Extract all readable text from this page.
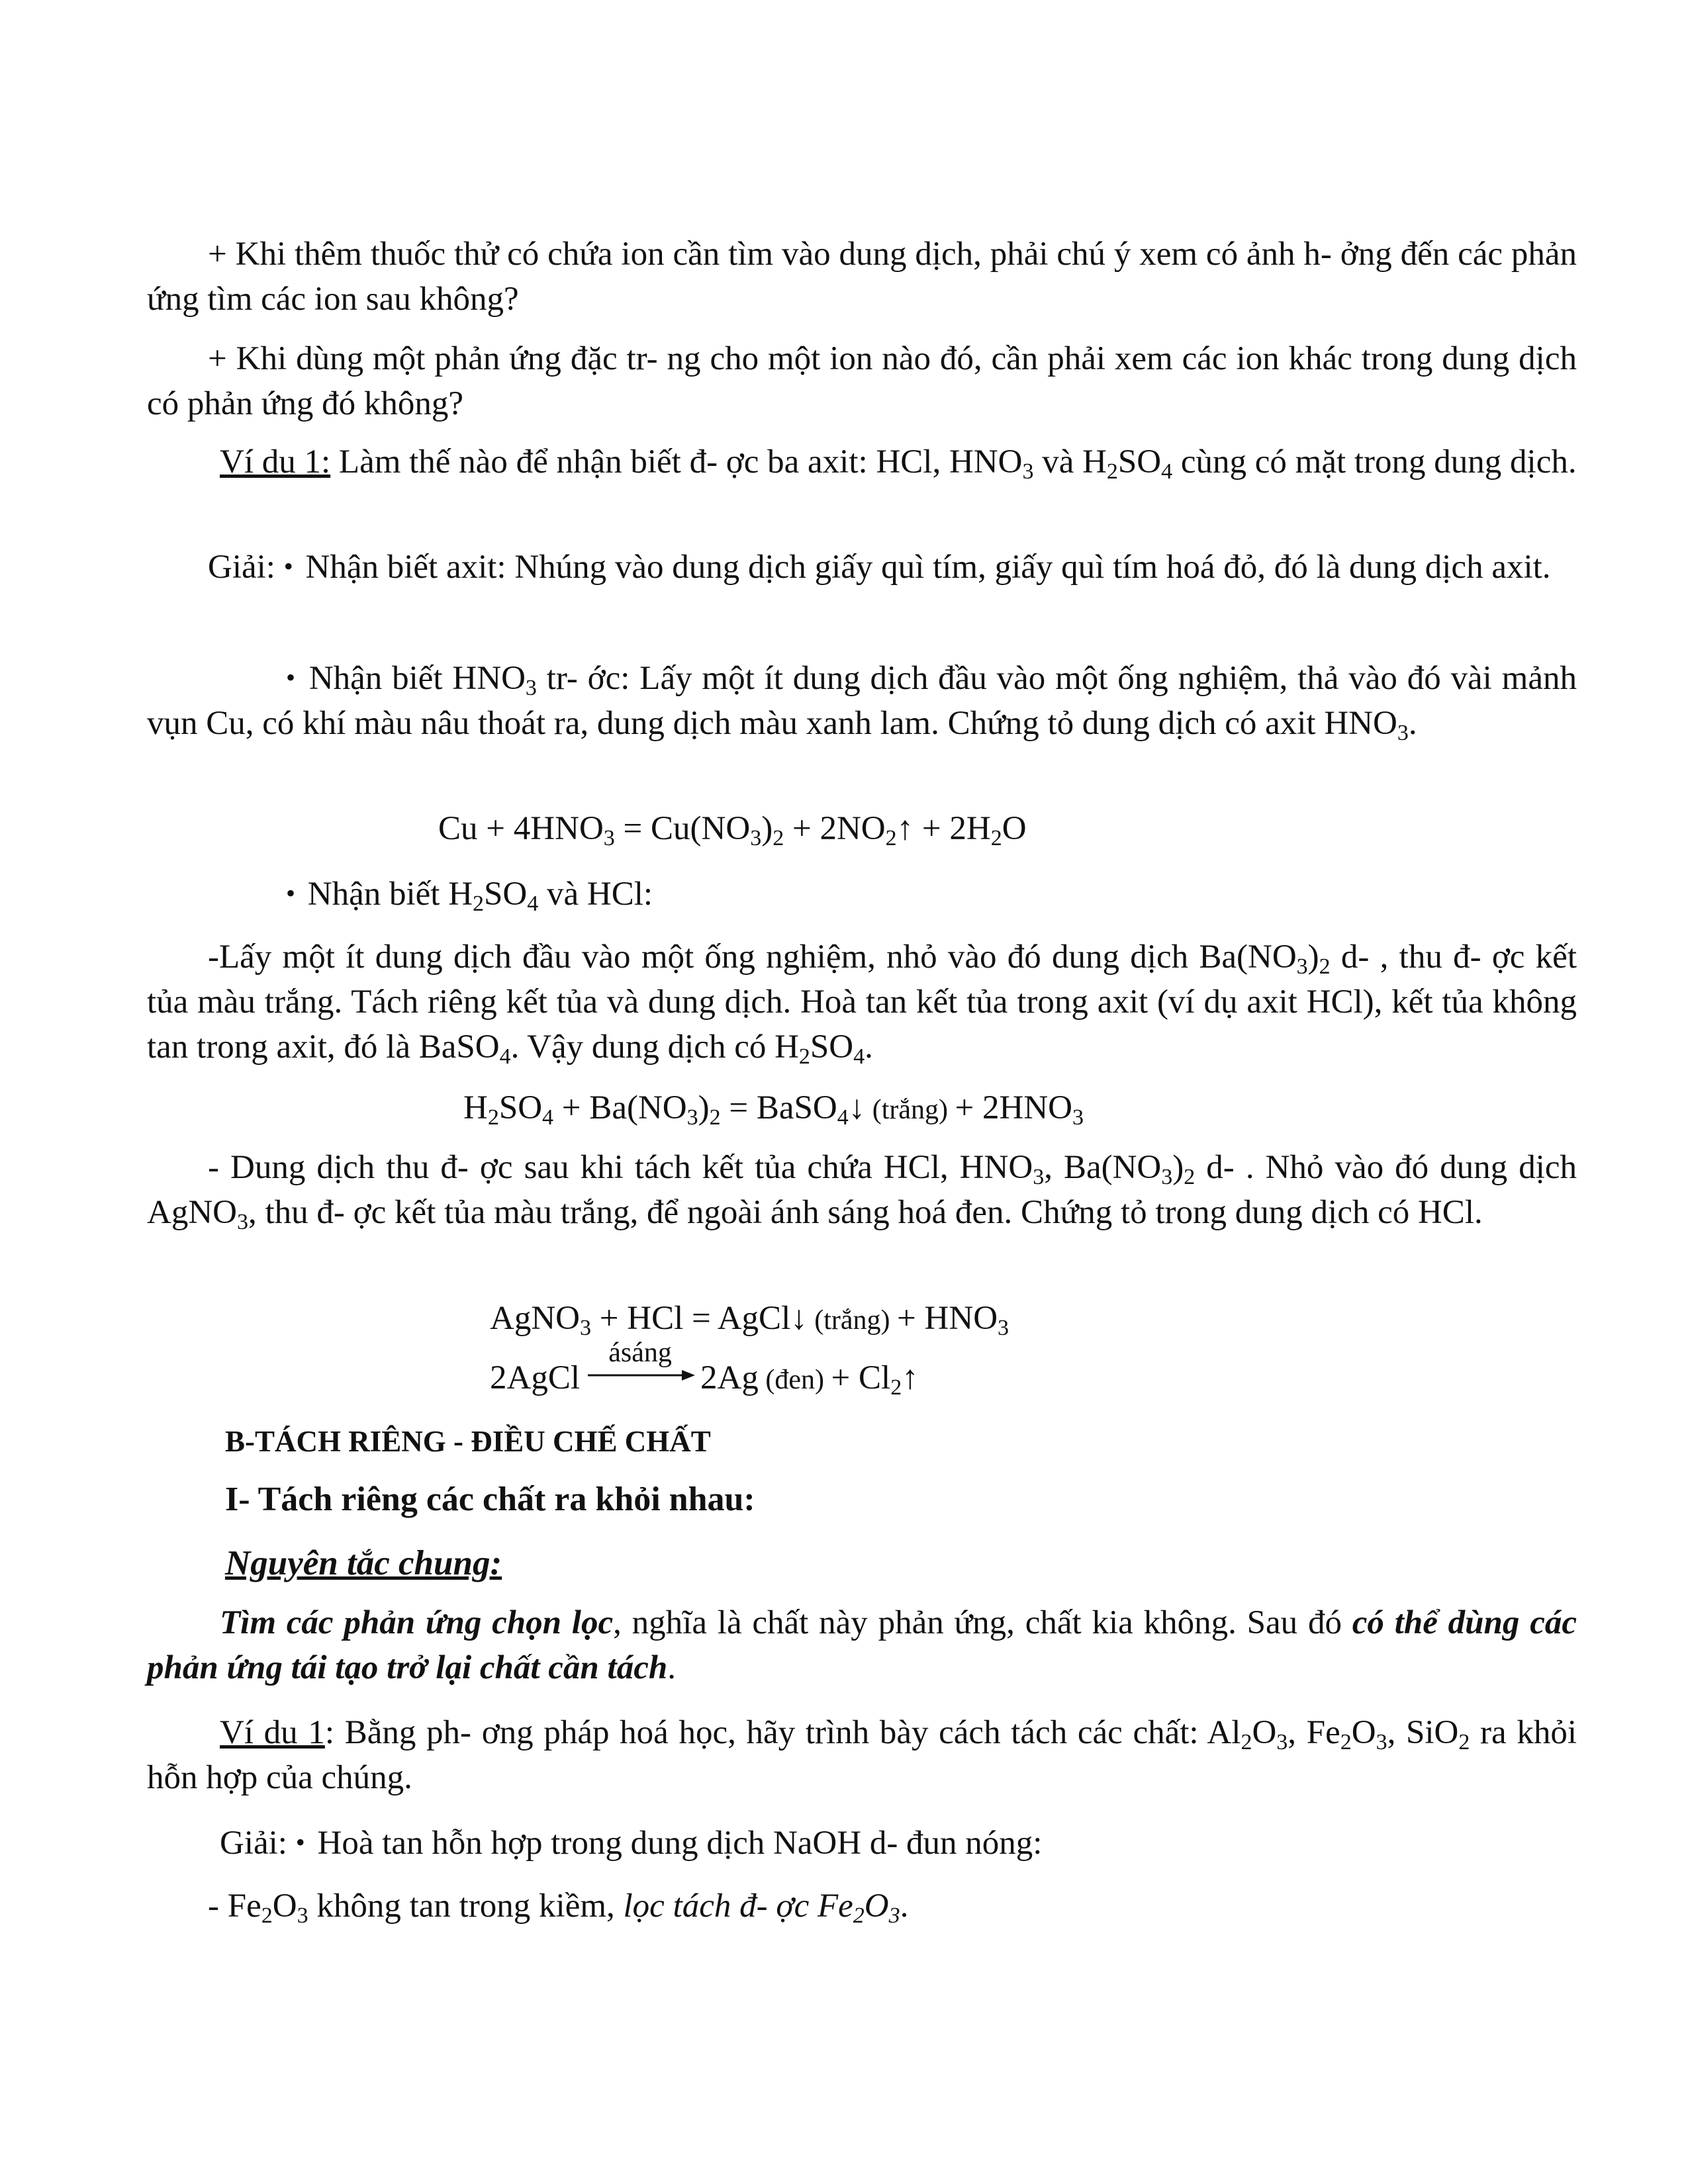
+ Khi thêm thuốc thử có chứa ion cần tìm vào dung dịch, phải chú ý xem có ảnh h- ởng đến các phản ứng tìm các ion sau không?

+ Khi dùng một phản ứng đặc tr- ng cho một ion nào đó, cần phải xem các ion khác trong dung dịch có phản ứng đó không?

Ví du 1: Làm thế nào để nhận biết đ- ợc ba axit: HCl, $HNO_3$ và $H_2SO_4$ cùng có mặt trong dung dịch.

Giải: • Nhận biết axit: Nhúng vào dung dịch giấy quì tím, giấy quì tím hoá đỏ, đó là dung dịch axit.

• Nhận biết $HNO_3$ tr- ớc: Lấy một ít dung dịch đầu vào một ống nghiệm, thả vào đó vài mảnh vụn Cu, có khí màu nâu thoát ra, dung dịch màu xanh lam. Chứng tỏ dung dịch có axit $HNO_3$.

$Cu + 4HNO_3 = Cu(NO_3)_2$ + $2NO_2↑ + 2H_2O$

• Nhận biết $H_2SO_4$ và HCl:

-Lấy một ít dung dịch đầu vào một ống nghiệm, nhỏ vào đó dung dịch $Ba(NO_3)_2$ d- , thu đ- ợc kết tủa màu trắng. Tách riêng kết tủa và dung dịch. Hoà tan kết tủa trong axit (ví dụ axit HCl), kết tủa không tan trong axit, đó là BaSO$_4$. Vậy dung dịch có $H_2SO_4$.

$H_2SO_4 + Ba(NO_3)_2$ = BaSO$_4$↓ (trắng) + $2HNO_3$

- Dung dịch thu đ- ợc sau khi tách kết tủa chứa HCl, $HNO_3$, $Ba(NO_3)_2$ d- . Nhỏ vào đó dung dịch AgNO$_3$, thu đ- ợc kết tủa màu trắng, để ngoài ánh sáng hoá đen. Chứng tỏ trong dung dịch có HCl.

AgNO$_3$ + HCl = AgCl↓ (trắng) + $HNO_3$
2AgCl
ásáng
2Ag (đen) + $Cl_2↑$
B-TÁCH RIÊNG - ĐIỀU CHẾ CHẤT
I- Tách riêng các chất ra khỏi nhau:
Nguyên tắc chung:

Tìm các phản ứng chọn lọc, nghĩa là chất này phản ứng, chất kia không. Sau đó có thể dùng các phản ứng tái tạo trở lại chất cần tách.

Ví du 1: Bằng ph- ơng pháp hoá học, hãy trình bày cách tách các chất: $Al_2O_3$, $Fe_2O_3$, SiO$_2$ ra khỏi hỗn hợp của chúng.

Giải: • Hoà tan hỗn hợp trong dung dịch NaOH d- đun nóng:

- $Fe_2O_3$ không tan trong kiềm, lọc tách đ- ợc $Fe_2O_3$.
